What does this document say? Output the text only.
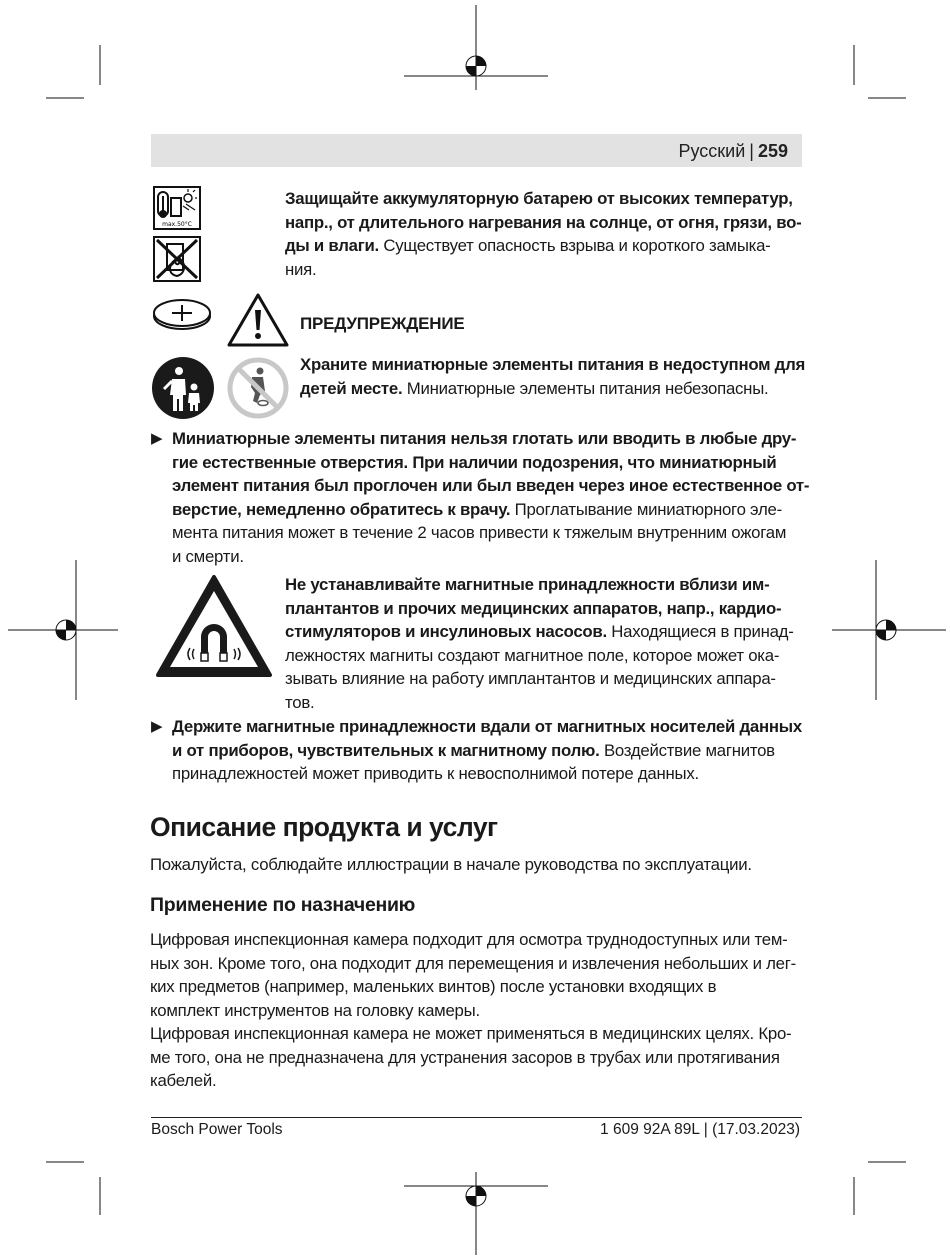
Русский | 259
max.50°C
Защищайте аккумуляторную батарею от высоких температур,
напр., от длительного нагревания на солнце, от огня, грязи, во-
ды и влаги. Существует опасность взрыва и короткого замыка-
ния.
ПРЕДУПРЕЖДЕНИЕ
Храните миниатюрные элементы питания в недоступном для
детей месте. Миниатюрные элементы питания небезопасны.
▶ Миниатюрные элементы питания нельзя глотать или вводить в любые дру-
гие естественные отверстия. При наличии подозрения, что миниатюрный
элемент питания был проглочен или был введен через иное естественное от-
верстие, немедленно обратитесь к врачу. Проглатывание миниатюрного эле-
мента питания может в течение 2 часов привести к тяжелым внутренним ожогам
и смерти.
Не устанавливайте магнитные принадлежности вблизи им-
плантантов и прочих медицинских аппаратов, напр., кардио-
стимуляторов и инсулиновых насосов. Находящиеся в принад-
лежностях магниты создают магнитное поле, которое может ока-
зывать влияние на работу имплантантов и медицинских аппара-
тов.
▶ Держите магнитные принадлежности вдали от магнитных носителей данных
и от приборов, чувствительных к магнитному полю. Воздействие магнитов
принадлежностей может приводить к невосполнимой потере данных.
Описание продукта и услуг
Пожалуйста, соблюдайте иллюстрации в начале руководства по эксплуатации.
Применение по назначению
Цифровая инспекционная камера подходит для осмотра труднодоступных или тем-
ных зон. Кроме того, она подходит для перемещения и извлечения небольших и лег-
ких предметов (например, маленьких винтов) после установки входящих в
комплект инструментов на головку камеры.
Цифровая инспекционная камера не может применяться в медицинских целях. Кро-
ме того, она не предназначена для устранения засоров в трубах или протягивания
кабелей.
Bosch Power Tools	1 609 92A 89L | (17.03.2023)
